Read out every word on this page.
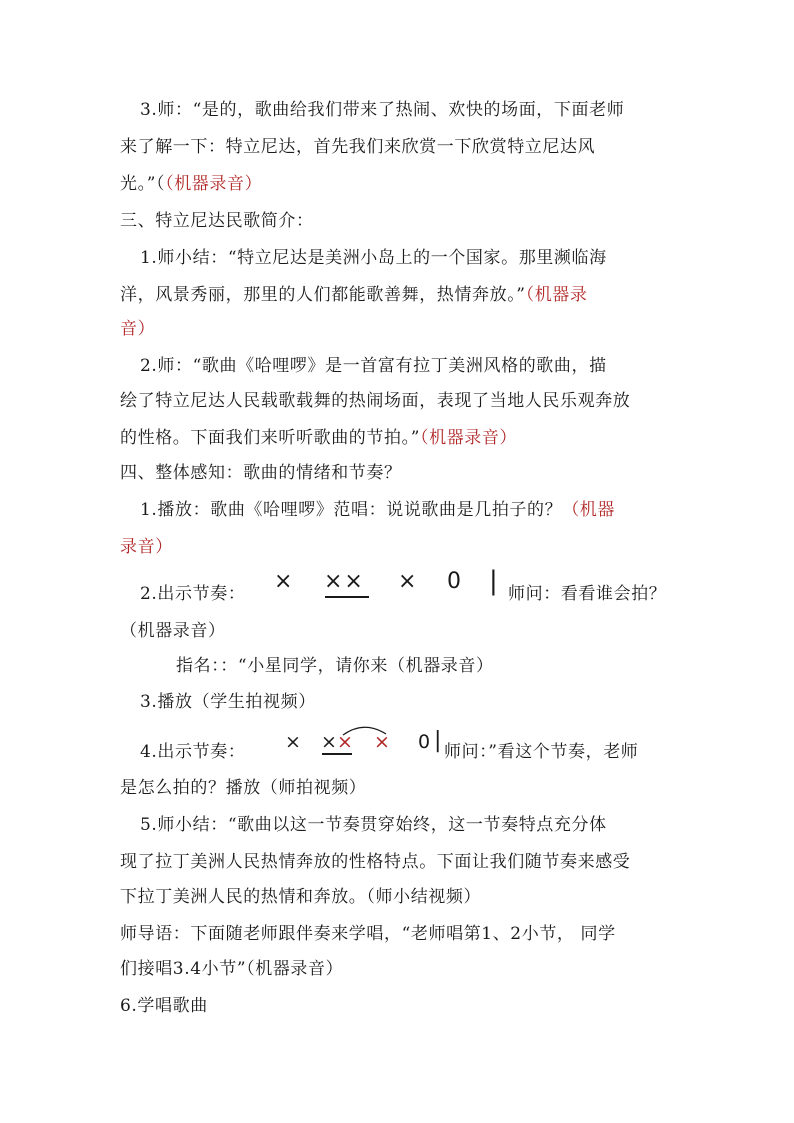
3.师：“是的，歌曲给我们带来了热闹、欢快的场面，下面老师
来了解一下：特立尼达，首先我们来欣赏一下欣赏特立尼达风
光。”（（机器录音）
三、特立尼达民歌简介：
1.师小结：“特立尼达是美洲小岛上的一个国家。那里濒临海
洋，风景秀丽，那里的人们都能歌善舞，热情奔放。”（机器录
音）
2.师：“歌曲《哈哩啰》是一首富有拉丁美洲风格的歌曲，描
绘了特立尼达人民载歌载舞的热闹场面，表现了当地人民乐观奔放
的性格。下面我们来听听歌曲的节拍。”（机器录音）
四、整体感知：歌曲的情绪和节奏？
1.播放：歌曲《哈哩啰》范唱：说说歌曲是几拍子的？（机器
录音）
2.出示节奏： × ×× × 0 | 师问：看看谁会拍？
（机器录音）
指名：：“小星同学，请你来（机器录音）
3.播放（学生拍视频）
4.出示节奏： × × × × 0 | 师问：”看这个节奏，老师
是怎么拍的？播放（师拍视频）
5.师小结：“歌曲以这一节奏贯穿始终，这一节奏特点充分体
现了拉丁美洲人民热情奔放的性格特点。下面让我们随节奏来感受
下拉丁美洲人民的热情和奔放。（师小结视频）
师导语：下面随老师跟伴奏来学唱，“老师唱第1、2小节， 同学
们接唱3.4小节”（机器录音）
6.学唱歌曲
